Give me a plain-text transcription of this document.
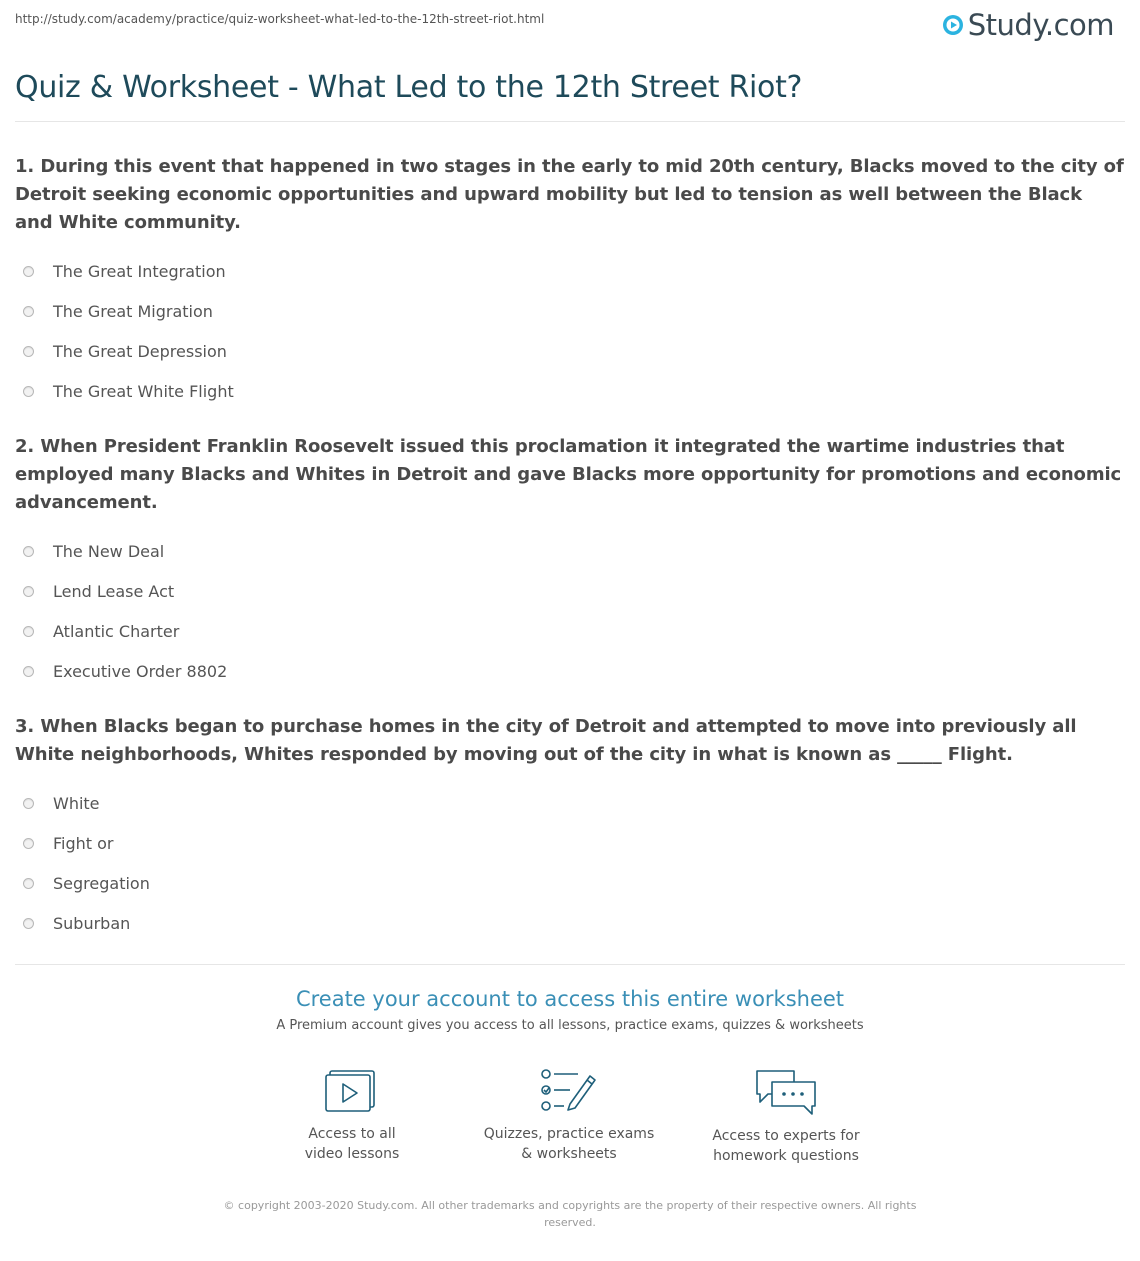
http://study.com/academy/practice/quiz-worksheet-what-led-to-the-12th-street-riot.html	Study.com
Quiz & Worksheet - What Led to the 12th Street Riot?

1. During this event that happened in two stages in the early to mid 20th century, Blacks moved to the city of Detroit seeking economic opportunities and upward mobility but led to tension as well between the Black and White community.

The Great Integration
The Great Migration
The Great Depression
The Great White Flight

2. When President Franklin Roosevelt issued this proclamation it integrated the wartime industries that employed many Blacks and Whites in Detroit and gave Blacks more opportunity for promotions and economic advancement.

The New Deal
Lend Lease Act
Atlantic Charter
Executive Order 8802

3. When Blacks began to purchase homes in the city of Detroit and attempted to move into previously all White neighborhoods, Whites responded by moving out of the city in what is known as _____ Flight.

White
Fight or
Segregation
Suburban
Create your account to access this entire worksheet
A Premium account gives you access to all lessons, practice exams, quizzes & worksheets
Access to all
video lessons
Quizzes, practice exams
& worksheets
Access to experts for
homework questions
© copyright 2003-2020 Study.com. All other trademarks and copyrights are the property of their respective owners. All rights reserved.
